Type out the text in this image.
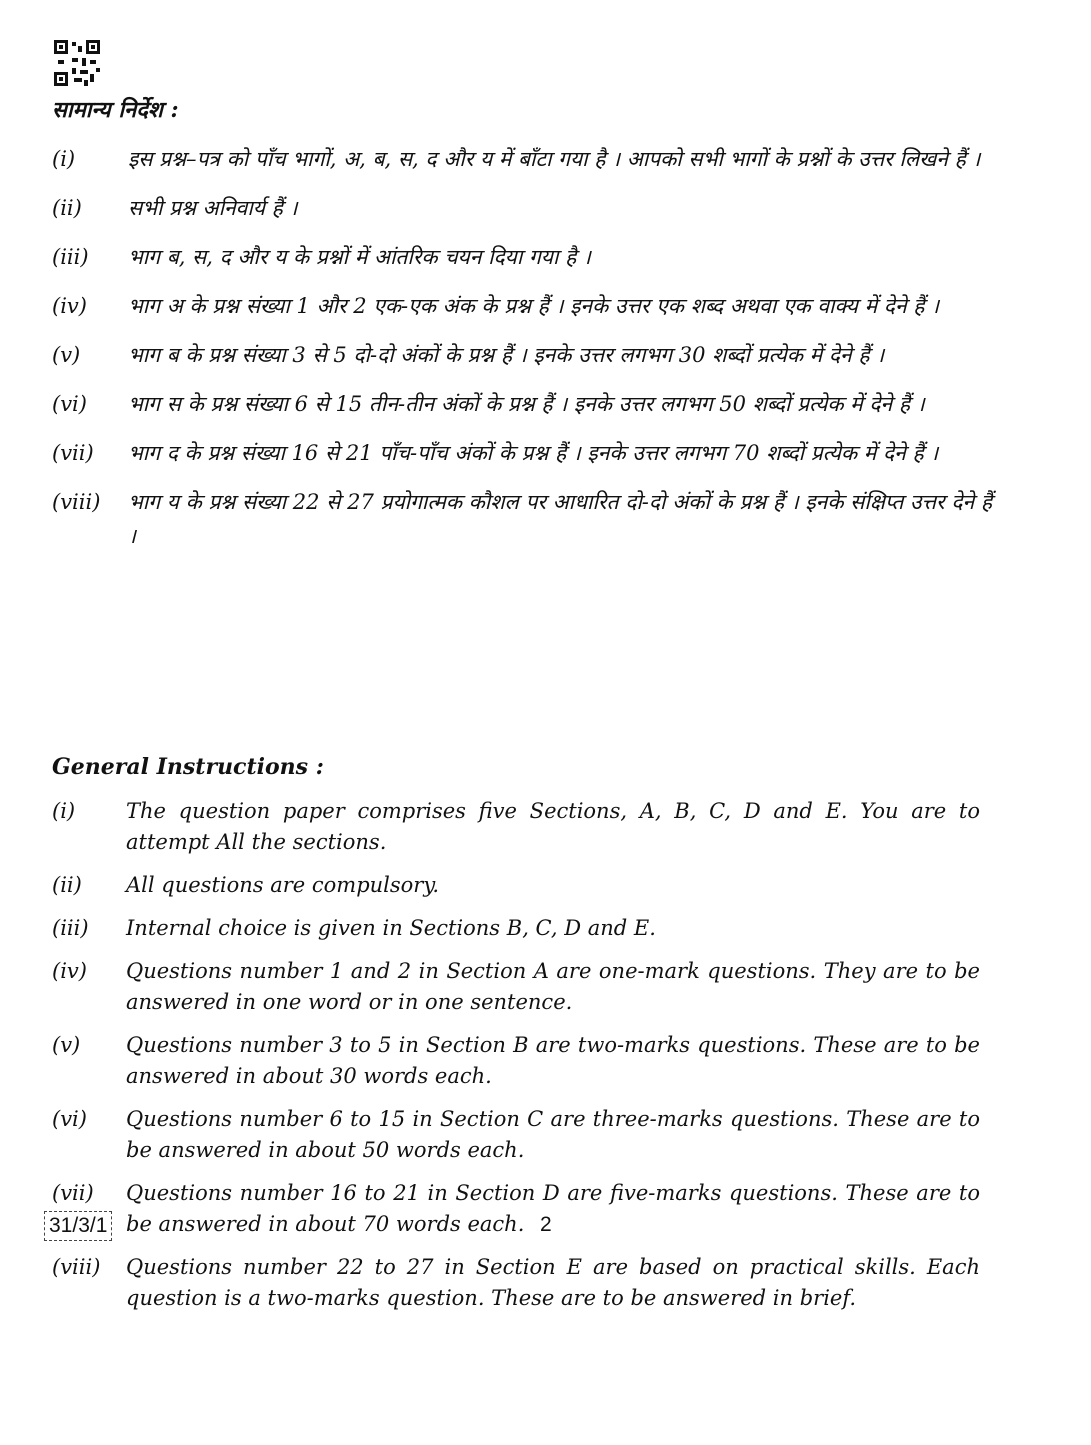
सामान्य निर्देश :
(i)	इस प्रश्न–पत्र को पाँच भागों, अ, ब, स, द और य में बाँटा गया है । आपको सभी भागों के प्रश्नों के उत्तर लिखने हैं ।
(ii)	सभी प्रश्न अनिवार्य हैं ।
(iii)	भाग ब, स, द और य के प्रश्नों में आंतरिक चयन दिया गया है ।
(iv)	भाग अ के प्रश्न संख्या 1 और 2 एक-एक अंक के प्रश्न हैं । इनके उत्तर एक शब्द अथवा एक वाक्य में देने हैं ।
(v)	भाग ब के प्रश्न संख्या 3 से 5 दो-दो अंकों के प्रश्न हैं । इनके उत्तर लगभग 30 शब्दों प्रत्येक में देने हैं ।
(vi)	भाग स के प्रश्न संख्या 6 से 15 तीन-तीन अंकों के प्रश्न हैं । इनके उत्तर लगभग 50 शब्दों प्रत्येक में देने हैं ।
(vii)	भाग द के प्रश्न संख्या 16 से 21 पाँच-पाँच अंकों के प्रश्न हैं । इनके उत्तर लगभग 70 शब्दों प्रत्येक में देने हैं ।
(viii)	भाग य के प्रश्न संख्या 22 से 27 प्रयोगात्मक कौशल पर आधारित दो-दो अंकों के प्रश्न हैं । इनके संक्षिप्त उत्तर देने हैं ।
General Instructions :
(i)	The question paper comprises five Sections, A, B, C, D and E. You are to attempt All the sections.
(ii)	All questions are compulsory.
(iii)	Internal choice is given in Sections B, C, D and E.
(iv)	Questions number 1 and 2 in Section A are one-mark questions. They are to be answered in one word or in one sentence.
(v)	Questions number 3 to 5 in Section B are two-marks questions. These are to be answered in about 30 words each.
(vi)	Questions number 6 to 15 in Section C are three-marks questions. These are to be answered in about 50 words each.
(vii)	Questions number 16 to 21 in Section D are five-marks questions. These are to be answered in about 70 words each.
(viii)	Questions number 22 to 27 in Section E are based on practical skills. Each question is a two-marks question. These are to be answered in brief.
31/3/1	2
